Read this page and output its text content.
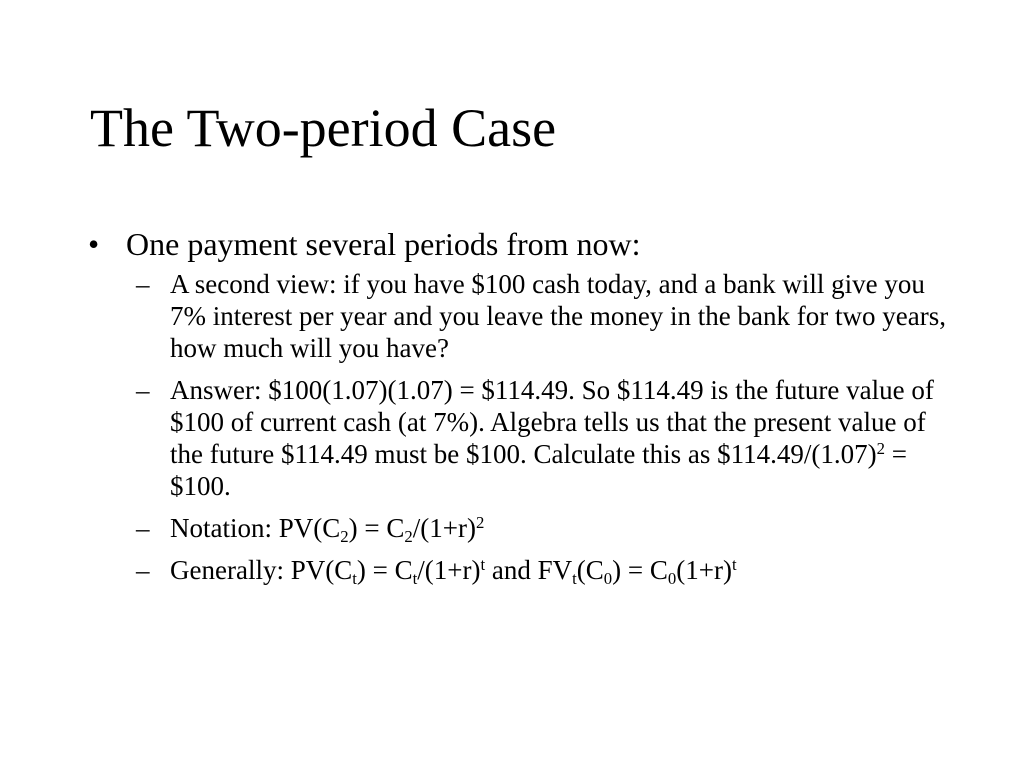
The Two-period Case
• One payment several periods from now:
– A second view: if you have $100 cash today, and a bank will give you 7% interest per year and you leave the money in the bank for two years, how much will you have?
– Answer: $100(1.07)(1.07) = $114.49. So $114.49 is the future value of $100 of current cash (at 7%). Algebra tells us that the present value of the future $114.49 must be $100. Calculate this as $\$114.49/(1.07)^2$ = $100.
– Notation: $PV(C_2) = C_2/(1+r)^2$
– Generally: $PV(C_t) = C_t/(1+r)^t$ and $FV_t(C_0) = C_0(1+r)^t$
